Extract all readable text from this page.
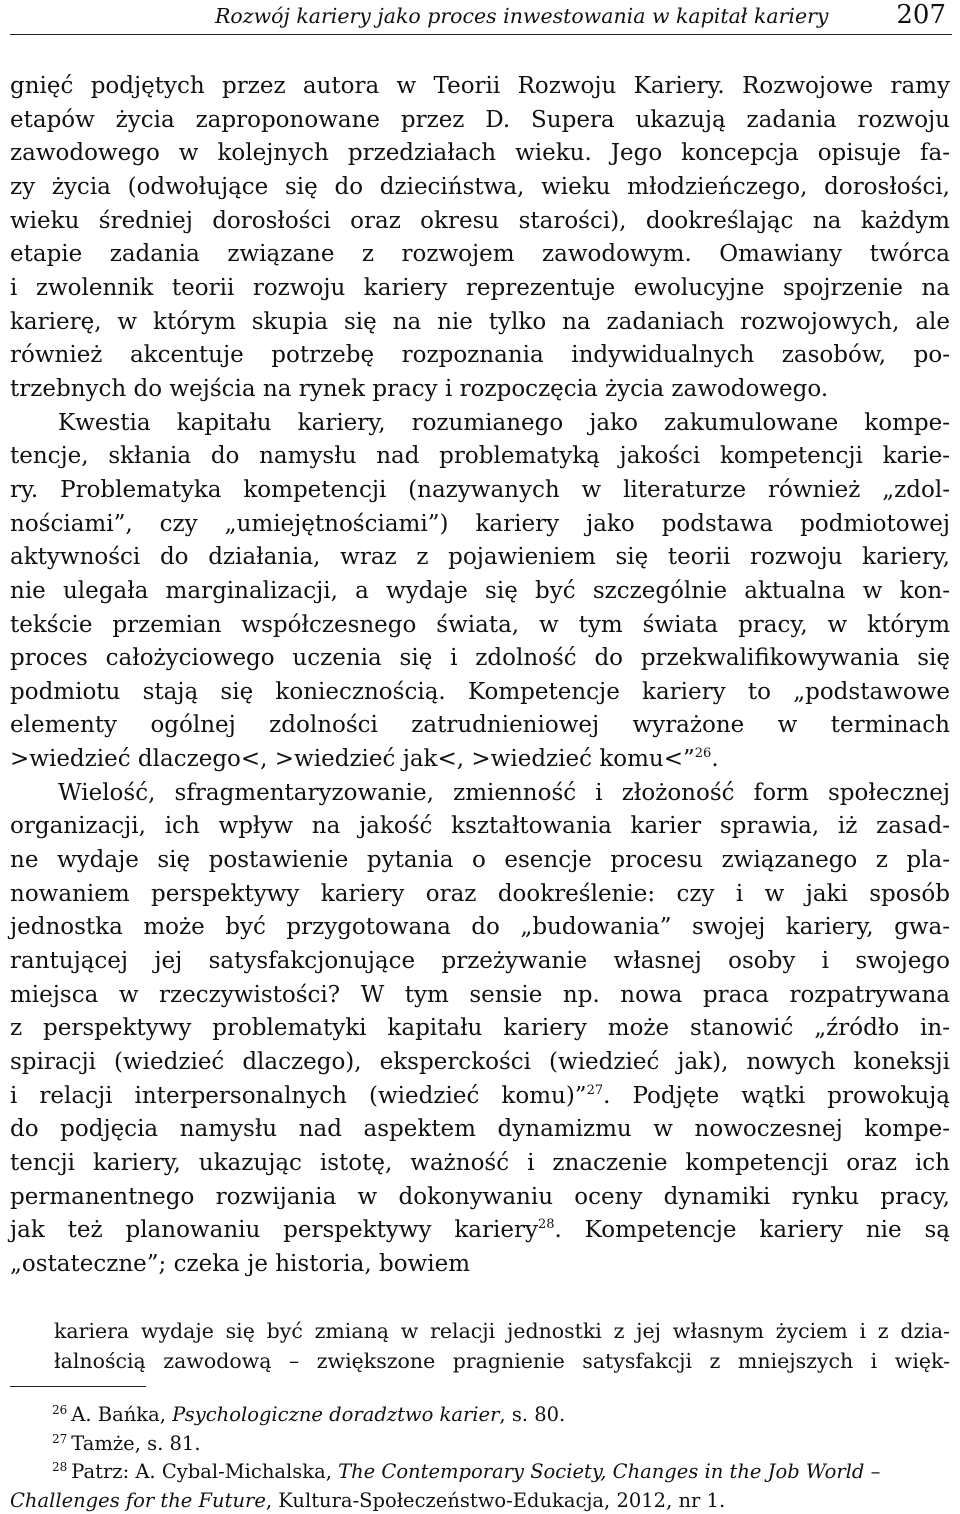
Rozwój kariery jako proces inwestowania w kapitał kariery	207
gnięć podjętych przez autora w Teorii Rozwoju Kariery. Rozwojowe ramy
etapów życia zaproponowane przez D. Supera ukazują zadania rozwoju
zawodowego w kolejnych przedziałach wieku. Jego koncepcja opisuje fa-
zy życia (odwołujące się do dzieciństwa, wieku młodzieńczego, dorosłości,
wieku średniej dorosłości oraz okresu starości), dookreślając na każdym
etapie zadania związane z rozwojem zawodowym. Omawiany twórca
i zwolennik teorii rozwoju kariery reprezentuje ewolucyjne spojrzenie na
karierę, w którym skupia się na nie tylko na zadaniach rozwojowych, ale
również akcentuje potrzebę rozpoznania indywidualnych zasobów, po-
trzebnych do wejścia na rynek pracy i rozpoczęcia życia zawodowego.
Kwestia kapitału kariery, rozumianego jako zakumulowane kompe-
tencje, skłania do namysłu nad problematyką jakości kompetencji karie-
ry. Problematyka kompetencji (nazywanych w literaturze również „zdol-
nościami”, czy „umiejętnościami”) kariery jako podstawa podmiotowej
aktywności do działania, wraz z pojawieniem się teorii rozwoju kariery,
nie ulegała marginalizacji, a wydaje się być szczególnie aktualna w kon-
tekście przemian współczesnego świata, w tym świata pracy, w którym
proces całożyciowego uczenia się i zdolność do przekwalifikowywania się
podmiotu stają się koniecznością. Kompetencje kariery to „podstawowe
elementy ogólnej zdolności zatrudnieniowej wyrażone w terminach
>wiedzieć dlaczego<, >wiedzieć jak<, >wiedzieć komu<”$^{26}$.
Wielość, sfragmentaryzowanie, zmienność i złożoność form społecznej
organizacji, ich wpływ na jakość kształtowania karier sprawia, iż zasad-
ne wydaje się postawienie pytania o esencje procesu związanego z pla-
nowaniem perspektywy kariery oraz dookreślenie: czy i w jaki sposób
jednostka może być przygotowana do „budowania” swojej kariery, gwa-
rantującej jej satysfakcjonujące przeżywanie własnej osoby i swojego
miejsca w rzeczywistości? W tym sensie np. nowa praca rozpatrywana
z perspektywy problematyki kapitału kariery może stanowić „źródło in-
spiracji (wiedzieć dlaczego), eksperckości (wiedzieć jak), nowych koneksji
i relacji interpersonalnych (wiedzieć komu)”$^{27}$. Podjęte wątki prowokują
do podjęcia namysłu nad aspektem dynamizmu w nowoczesnej kompe-
tencji kariery, ukazując istotę, ważność i znaczenie kompetencji oraz ich
permanentnego rozwijania w dokonywaniu oceny dynamiki rynku pracy,
jak też planowaniu perspektywy kariery$^{28}$. Kompetencje kariery nie są
„ostateczne”; czeka je historia, bowiem
kariera wydaje się być zmianą w relacji jednostki z jej własnym życiem i z dzia-
łalnością zawodową – zwiększone pragnienie satysfakcji z mniejszych i więk-
$^{26}$ A. Bańka, Psychologiczne doradztwo karier, s. 80.
$^{27}$ Tamże, s. 81.
$^{28}$ Patrz: A. Cybal-Michalska, The Contemporary Society, Changes in the Job World –
Challenges for the Future, Kultura-Społeczeństwo-Edukacja, 2012, nr 1.
